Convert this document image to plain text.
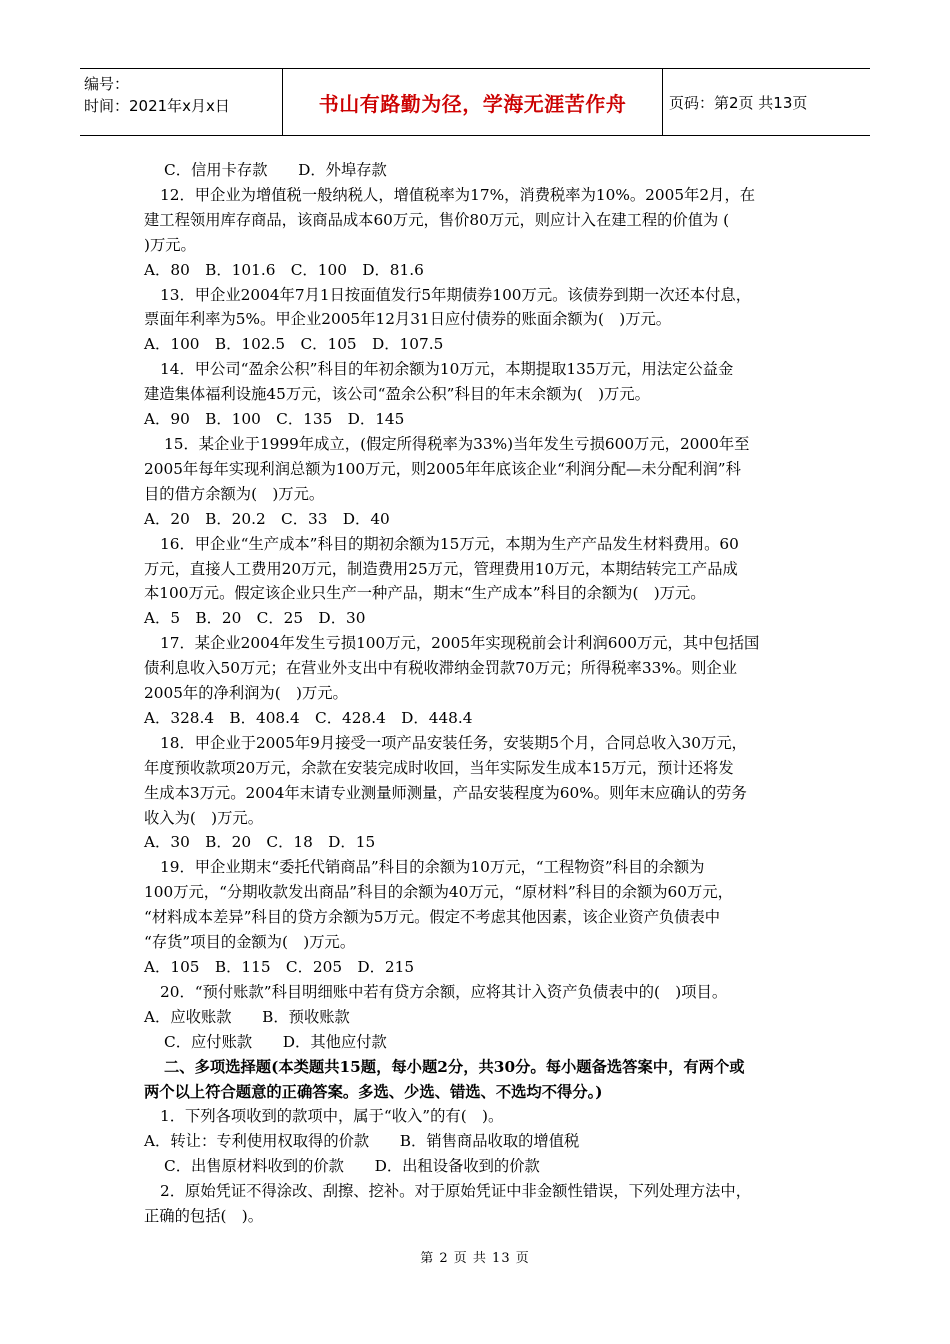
编号：
时间：2021年x月x日	书山有路勤为径，学海无涯苦作舟	页码：第2页 共13页
C．信用卡存款　　D．外埠存款
12．甲企业为增值税一般纳税人，增值税率为17%，消费税率为10%。2005年2月，在
建工程领用库存商品，该商品成本60万元，售价80万元，则应计入在建工程的价值为 (
)万元。
A．80　B．101.6　C．100　D．81.6
13．甲企业2004年7月1日按面值发行5年期债券100万元。该债券到期一次还本付息，
票面年利率为5%。甲企业2005年12月31日应付债券的账面余额为(　)万元。
A．100　B．102.5　C．105　D．107.5
14．甲公司“盈余公积”科目的年初余额为10万元，本期提取135万元，用法定公益金
建造集体福利设施45万元，该公司“盈余公积”科目的年末余额为(　)万元。
A．90　B．100　C．135　D．145
15．某企业于1999年成立，(假定所得税率为33%)当年发生亏损600万元，2000年至
2005年每年实现利润总额为100万元，则2005年年底该企业“利润分配—未分配利润”科
目的借方余额为(　)万元。
A．20　B．20.2　C．33　D．40
16．甲企业“生产成本”科目的期初余额为15万元，本期为生产产品发生材料费用。60
万元，直接人工费用20万元，制造费用25万元，管理费用10万元，本期结转完工产品成
本100万元。假定该企业只生产一种产品，期末“生产成本”科目的余额为(　)万元。
A．5　B．20　C．25　D．30
17．某企业2004年发生亏损100万元，2005年实现税前会计利润600万元，其中包括国
债利息收入50万元；在营业外支出中有税收滞纳金罚款70万元；所得税率33%。则企业
2005年的净利润为(　)万元。
A．328.4　B．408.4　C．428.4　D．448.4
18．甲企业于2005年9月接受一项产品安装任务，安装期5个月，合同总收入30万元，
年度预收款项20万元，余款在安装完成时收回，当年实际发生成本15万元，预计还将发
生成本3万元。2004年末请专业测量师测量，产品安装程度为60%。则年末应确认的劳务
收入为(　)万元。
A．30　B．20　C．18　D．15
19．甲企业期末“委托代销商品”科目的余额为10万元，“工程物资”科目的余额为
100万元，“分期收款发出商品”科目的余额为40万元，“原材料”科目的余额为60万元，
“材料成本差异”科目的贷方余额为5万元。假定不考虑其他因素，该企业资产负债表中
“存货”项目的金额为(　)万元。
A．105　B．115　C．205　D．215
20．“预付账款”科目明细账中若有贷方余额，应将其计入资产负债表中的(　)项目。
A．应收账款　　B．预收账款
C．应付账款　　D．其他应付款
二、多项选择题(本类题共15题，每小题2分，共30分。每小题备选答案中，有两个或
两个以上符合题意的正确答案。多选、少选、错选、不选均不得分。)
1．下列各项收到的款项中，属于“收入”的有(　)。
A．转让：专利使用权取得的价款　　B．销售商品收取的增值税
C．出售原材料收到的价款　　D．出租设备收到的价款
2．原始凭证不得涂改、刮擦、挖补。对于原始凭证中非金额性错误，下列处理方法中，
正确的包括(　)。
第 2 页 共 13 页
